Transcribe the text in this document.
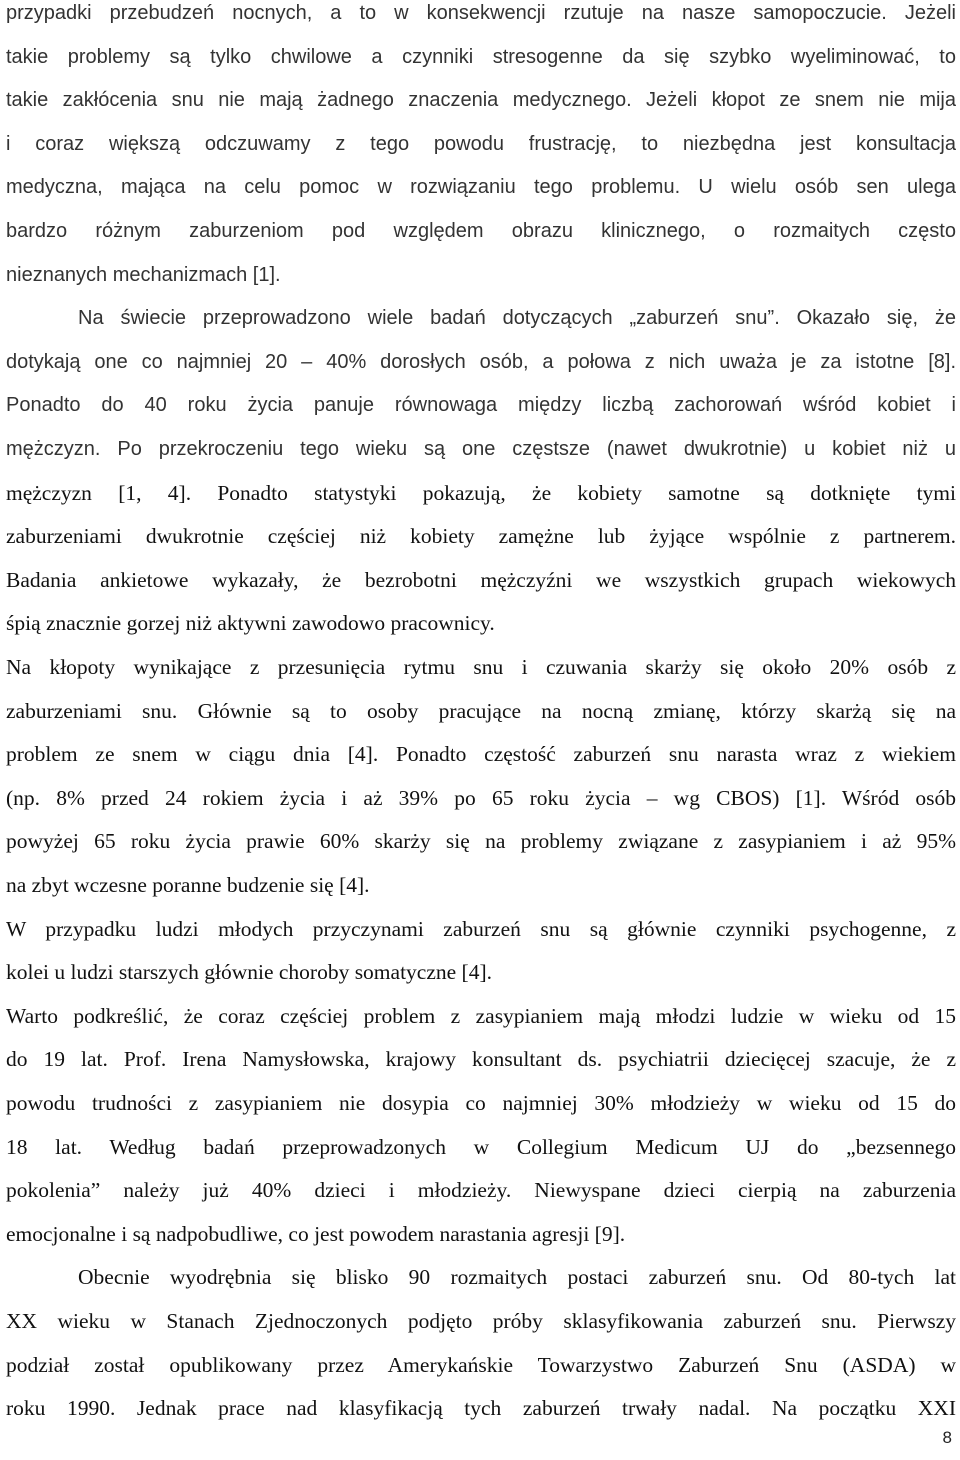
przypadki przebudzeń nocnych, a to w konsekwencji rzutuje na nasze samopoczucie. Jeżeli
takie problemy są tylko chwilowe a czynniki stresogenne da się szybko wyeliminować, to
takie zakłócenia snu nie mają żadnego znaczenia medycznego. Jeżeli kłopot ze snem nie mija
i coraz większą odczuwamy z tego powodu frustrację, to niezbędna jest konsultacja
medyczna, mająca na celu pomoc w rozwiązaniu tego problemu. U wielu osób sen ulega
bardzo różnym zaburzeniom pod względem obrazu klinicznego, o rozmaitych często
nieznanych mechanizmach [1].
Na świecie przeprowadzono wiele badań dotyczących „zaburzeń snu”. Okazało się, że
dotykają one co najmniej 20 – 40% dorosłych osób, a połowa z nich uważa je za istotne [8].
Ponadto do 40 roku życia panuje równowaga między liczbą zachorowań wśród kobiet i
mężczyzn. Po przekroczeniu tego wieku są one częstsze (nawet dwukrotnie) u kobiet niż u
mężczyzn [1, 4]. Ponadto statystyki pokazują, że kobiety samotne są dotknięte tymi
zaburzeniami dwukrotnie częściej niż kobiety zamężne lub żyjące wspólnie z partnerem.
Badania ankietowe wykazały, że bezrobotni mężczyźni we wszystkich grupach wiekowych
śpią znacznie gorzej niż aktywni zawodowo pracownicy.
Na kłopoty wynikające z przesunięcia rytmu snu i czuwania skarży się około 20% osób z
zaburzeniami snu. Głównie są to osoby pracujące na nocną zmianę, którzy skarżą się na
problem ze snem w ciągu dnia [4]. Ponadto częstość zaburzeń snu narasta wraz z wiekiem
(np. 8% przed 24 rokiem życia i aż 39% po 65 roku życia – wg CBOS) [1]. Wśród osób
powyżej 65 roku życia prawie 60% skarży się na problemy związane z zasypianiem i aż 95%
na zbyt wczesne poranne budzenie się [4].
W przypadku ludzi młodych przyczynami zaburzeń snu są głównie czynniki psychogenne, z
kolei u ludzi starszych głównie choroby somatyczne [4].
Warto podkreślić, że coraz częściej problem z zasypianiem mają młodzi ludzie w wieku od 15
do 19 lat. Prof. Irena Namysłowska, krajowy konsultant ds. psychiatrii dziecięcej szacuje, że z
powodu trudności z zasypianiem nie dosypia co najmniej 30% młodzieży w wieku od 15 do
18 lat. Według badań przeprowadzonych w Collegium Medicum UJ do „bezsennego
pokolenia” należy już 40% dzieci i młodzieży. Niewyspane dzieci cierpią na zaburzenia
emocjonalne i są nadpobudliwe, co jest powodem narastania agresji [9].
Obecnie wyodrębnia się blisko 90 rozmaitych postaci zaburzeń snu. Od 80-tych lat
XX wieku w Stanach Zjednoczonych podjęto próby sklasyfikowania zaburzeń snu. Pierwszy
podział został opublikowany przez Amerykańskie Towarzystwo Zaburzeń Snu (ASDA) w
roku 1990. Jednak prace nad klasyfikacją tych zaburzeń trwały nadal. Na początku XXI
8
